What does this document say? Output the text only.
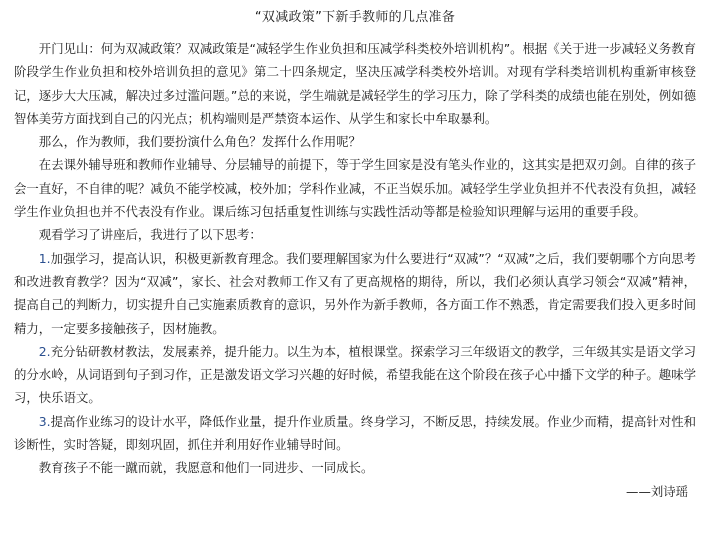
“双减政策”下新手教师的几点准备

开门见山：何为双减政策？双减政策是“减轻学生作业负担和压减学科类校外培训机构”。根据《关于进一步减轻义务教育阶段学生作业负担和校外培训负担的意见》第二十四条规定，坚决压减学科类校外培训。对现有学科类培训机构重新审核登记，逐步大大压减，解决过多过滥问题。”总的来说，学生端就是减轻学生的学习压力，除了学科类的成绩也能在别处，例如德智体美劳方面找到自己的闪光点；机构端则是严禁资本运作、从学生和家长中牟取暴利。

那么，作为教师，我们要扮演什么角色？发挥什么作用呢？

在去课外辅导班和教师作业辅导、分层辅导的前提下，等于学生回家是没有笔头作业的，这其实是把双刃剑。自律的孩子会一直好，不自律的呢？减负不能学校减，校外加；学科作业减，不正当娱乐加。减轻学生学业负担并不代表没有负担，减轻学生作业负担也并不代表没有作业。课后练习包括重复性训练与实践性活动等都是检验知识理解与运用的重要手段。

观看学习了讲座后，我进行了以下思考：

1.加强学习，提高认识，积极更新教育理念。我们要理解国家为什么要进行“双减”？“双减”之后，我们要朝哪个方向思考和改进教育教学？因为“双减”，家长、社会对教师工作又有了更高规格的期待，所以，我们必须认真学习领会“双减”精神，提高自己的判断力，切实提升自己实施素质教育的意识，另外作为新手教师，各方面工作不熟悉，肯定需要我们投入更多时间精力，一定要多接触孩子，因材施教。

2.充分钻研教材教法，发展素养，提升能力。以生为本，植根课堂。探索学习三年级语文的教学，三年级其实是语文学习的分水岭，从词语到句子到习作，正是激发语文学习兴趣的好时候，希望我能在这个阶段在孩子心中播下文学的种子。趣味学习，快乐语文。

3.提高作业练习的设计水平，降低作业量，提升作业质量。终身学习，不断反思，持续发展。作业少而精，提高针对性和诊断性，实时答疑，即刻巩固，抓住并利用好作业辅导时间。

教育孩子不能一蹴而就，我愿意和他们一同进步、一同成长。

——刘诗瑶
